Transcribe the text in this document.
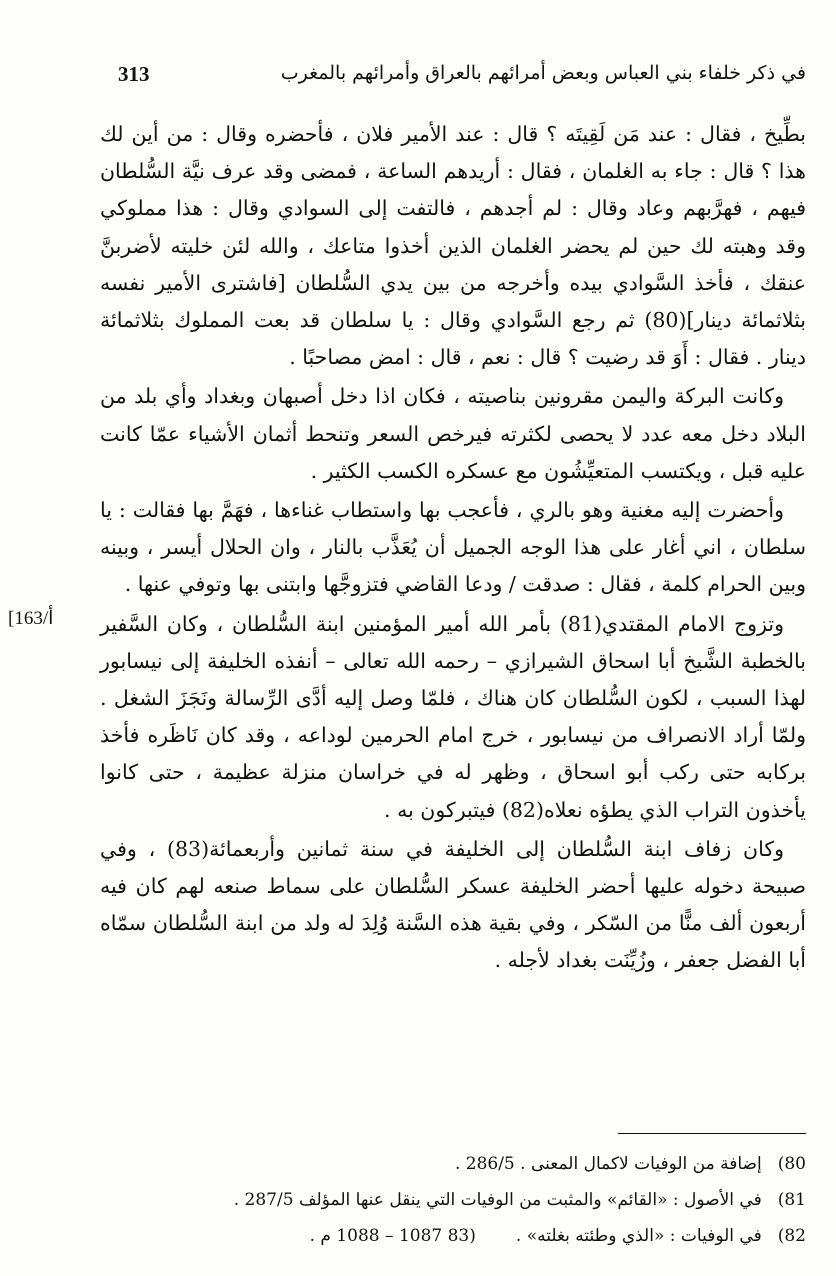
313	في ذكر خلفاء بني العباس وبعض أمرائهم بالعراق وأمرائهم بالمغرب

بطِّيخ ، فقال : عند مَن لَقِيتَه ؟ قال : عند الأمير فلان ، فأحضره وقال : من أين لك هذا ؟ قال : جاء به الغلمان ، فقال : أريدهم الساعة ، فمضى وقد عرف نيَّة السُّلطان فيهم ، فهرَّبهم وعاد وقال : لم أجدهم ، فالتفت إلى السوادي وقال : هذا مملوكي وقد وهبته لك حين لم يحضر الغلمان الذين أخذوا متاعك ، والله لئن خليته لأضربنَّ عنقك ، فأخذ السَّوادي بيده وأخرجه من بين يدي السُّلطان [فاشترى الأمير نفسه بثلاثمائة دينار](80) ثم رجع السَّوادي وقال : يا سلطان قد بعت المملوك بثلاثمائة دينار . فقال : أَوَ قد رضيت ؟ قال : نعم ، قال : امض مصاحبًا .

وكانت البركة واليمن مقرونين بناصيته ، فكان اذا دخل أصبهان وبغداد وأي بلد من البلاد دخل معه عدد لا يحصى لكثرته فيرخص السعر وتنحط أثمان الأشياء عمّا كانت عليه قبل ، ويكتسب المتعيِّشُون مع عسكره الكسب الكثير .

وأحضرت إليه مغنية وهو بالري ، فأعجب بها واستطاب غناءها ، فهَمَّ بها فقالت : يا سلطان ، اني أغار على هذا الوجه الجميل أن يُعَذَّب بالنار ، وان الحلال أيسر ، وبينه وبين الحرام كلمة ، فقال : صدقت / ودعا القاضي فتزوجَّها وابتنى بها وتوفي عنها .

وتزوج الامام المقتدي(81) بأمر الله أمير المؤمنين ابنة السُّلطان ، وكان السَّفير بالخطبة الشَّيخ أبا اسحاق الشيرازي – رحمه الله تعالى – أنفذه الخليفة إلى نيسابور لهذا السبب ، لكون السُّلطان كان هناك ، فلمّا وصل إليه أدَّى الرِّسالة ونَجَزَ الشغل . ولمّا أراد الانصراف من نيسابور ، خرج امام الحرمين لوداعه ، وقد كان نَاظَره فأخذ بركابه حتى ركب أبو اسحاق ، وظهر له في خراسان منزلة عظيمة ، حتى كانوا يأخذون التراب الذي يطؤه نعلاه(82) فيتبركون به .

وكان زفاف ابنة السُّلطان إلى الخليفة في سنة ثمانين وأربعمائة(83) ، وفي صبيحة دخوله عليها أحضر الخليفة عسكر السُّلطان على سماط صنعه لهم كان فيه أربعون ألف منًّا من السّكر ، وفي بقية هذه السَّنة وُلِدَ له ولد من ابنة السُّلطان سمّاه أبا الفضل جعفر ، وزُيِّنَت بغداد لأجله .

[163/أ
80)إضافة من الوفيات لاكمال المعنى . 286/5 .
81)في الأصول : «القائم» والمثبت من الوفيات التي ينقل عنها المؤلف 287/5 .
82)في الوفيات : «الذي وطئته بغلته» .(83 1087 – 1088 م .
